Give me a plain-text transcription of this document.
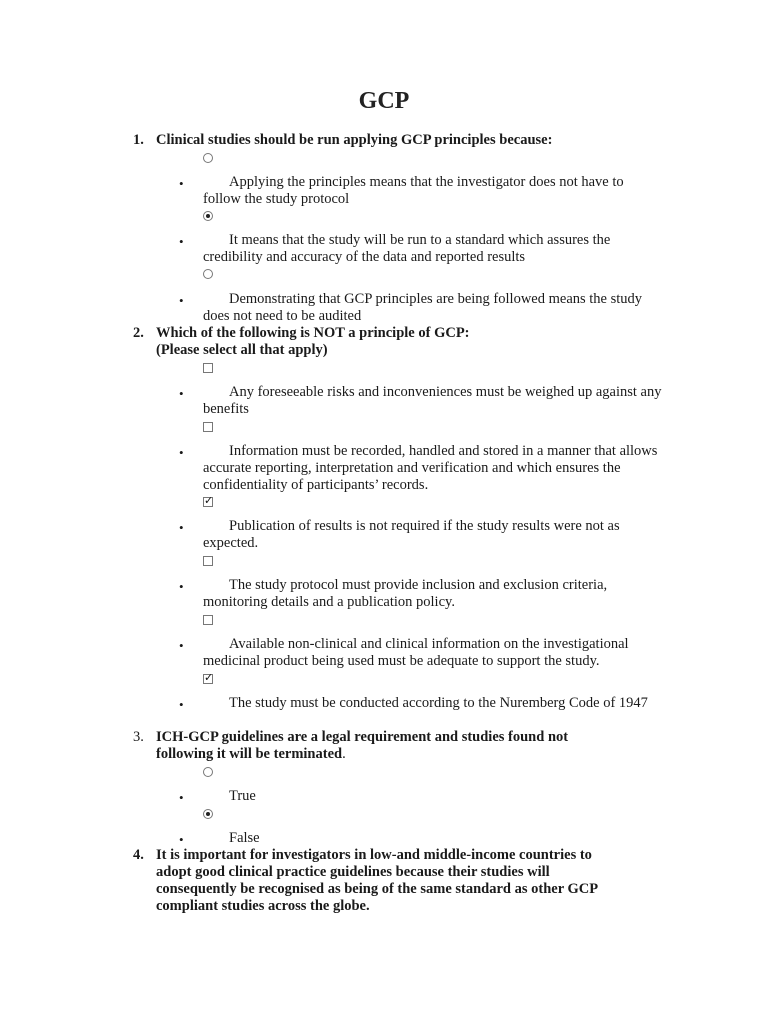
GCP
1. Clinical studies should be run applying GCP principles because:
•	Applying the principles means that the investigator does not have to follow the study protocol

•	It means that the study will be run to a standard which assures the credibility and accuracy of the data and reported results

•	Demonstrating that GCP principles are being followed means the study does not need to be audited

2. Which of the following is NOT a principle of GCP:
(Please select all that apply)
•	Any foreseeable risks and inconveniences must be weighed up against any benefits

•	Information must be recorded, handled and stored in a manner that allows accurate reporting, interpretation and verification and which ensures the confidentiality of participants’ records.

✓
•	Publication of results is not required if the study results were not as expected.

•	The study protocol must provide inclusion and exclusion criteria, monitoring details and a publication policy.

•	Available non-clinical and clinical information on the investigational medicinal product being used must be adequate to support the study.

✓
•	The study must be conducted according to the Nuremberg Code of 1947

3. ICH-GCP guidelines are a legal requirement and studies found not following it will be terminated.
•	True

•	False

4. It is important for investigators in low-and middle-income countries to adopt good clinical practice guidelines because their studies will consequently be recognised as being of the same standard as other GCP compliant studies across the globe.
